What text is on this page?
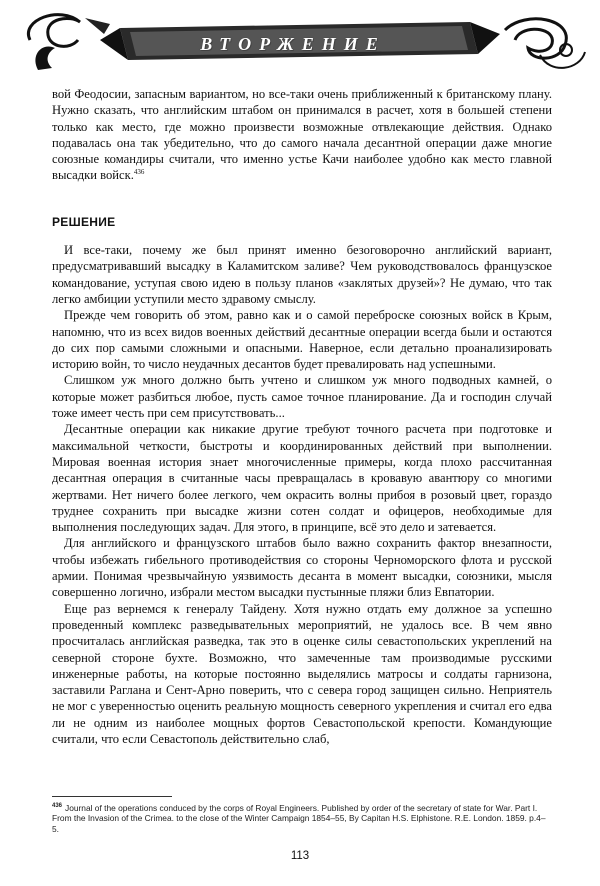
ВТОРЖЕНИЕ

вой Феодосии, запасным вариантом, но все-таки очень приближенный к британскому плану. Нужно сказать, что английским штабом он принимался в расчет, хотя в большей степени только как место, где можно произвести возможные отвлекающие действия. Однако подавалась она так убедительно, что до самого начала десантной операции даже многие союзные командиры считали, что именно устье Качи наиболее удобно как место главной высадки войск.$^{436}$

РЕШЕНИЕ

И все-таки, почему же был принят именно безоговорочно английский вариант, предусматривавший высадку в Каламитском заливе? Чем руководствовалось французское командование, уступая свою идею в пользу планов «заклятых друзей»? Не думаю, что так легко амбиции уступили место здравому смыслу.

Прежде чем говорить об этом, равно как и о самой переброске союзных войск в Крым, напомню, что из всех видов военных действий десантные операции всегда были и остаются до сих пор самыми сложными и опасными. Наверное, если детально проанализировать историю войн, то число неудачных десантов будет превалировать над успешными.

Слишком уж много должно быть учтено и слишком уж много подводных камней, о которые может разбиться любое, пусть самое точное планирование. Да и господин случай тоже имеет честь при сем присутствовать...

Десантные операции как никакие другие требуют точного расчета при подготовке и максимальной четкости, быстроты и координированных действий при выполнении. Мировая военная история знает многочисленные примеры, когда плохо рассчитанная десантная операция в считанные часы превращалась в кровавую авантюру со многими жертвами. Нет ничего более легкого, чем окрасить волны прибоя в розовый цвет, гораздо труднее сохранить при высадке жизни сотен солдат и офицеров, необходимые для выполнения последующих задач. Для этого, в принципе, всё это дело и затевается.

Для английского и французского штабов было важно сохранить фактор внезапности, чтобы избежать гибельного противодействия со стороны Черноморского флота и русской армии. Понимая чрезвычайную уязвимость десанта в момент высадки, союзники, мысля совершенно логично, избрали местом высадки пустынные пляжи близ Евпатории.

Еще раз вернемся к генералу Тайдену. Хотя нужно отдать ему должное за успешно проведенный комплекс разведывательных мероприятий, не удалось все. В чем явно просчиталась английская разведка, так это в оценке силы севастопольских укреплений на северной стороне бухте. Возможно, что замеченные там производимые русскими инженерные работы, на которые постоянно выделялись матросы и солдаты гарнизона, заставили Раглана и Сент-Арно поверить, что с севера город защищен сильно. Неприятель не мог с уверенностью оценить реальную мощность северного укрепления и считал его едва ли не одним из наиболее мощных фортов Севастопольской крепости. Командующие считали, что если Севастополь действительно слаб,

$^{436}$ Journal of the operations conduced by the corps of Royal Engineers. Published by order of the secretary of state for War. Part I. From the Invasion of the Crimea. to the close of the Winter Campaign 1854–55, By Capitan H.S. Elphistone. R.E. London. 1859. p.4–5.
113
